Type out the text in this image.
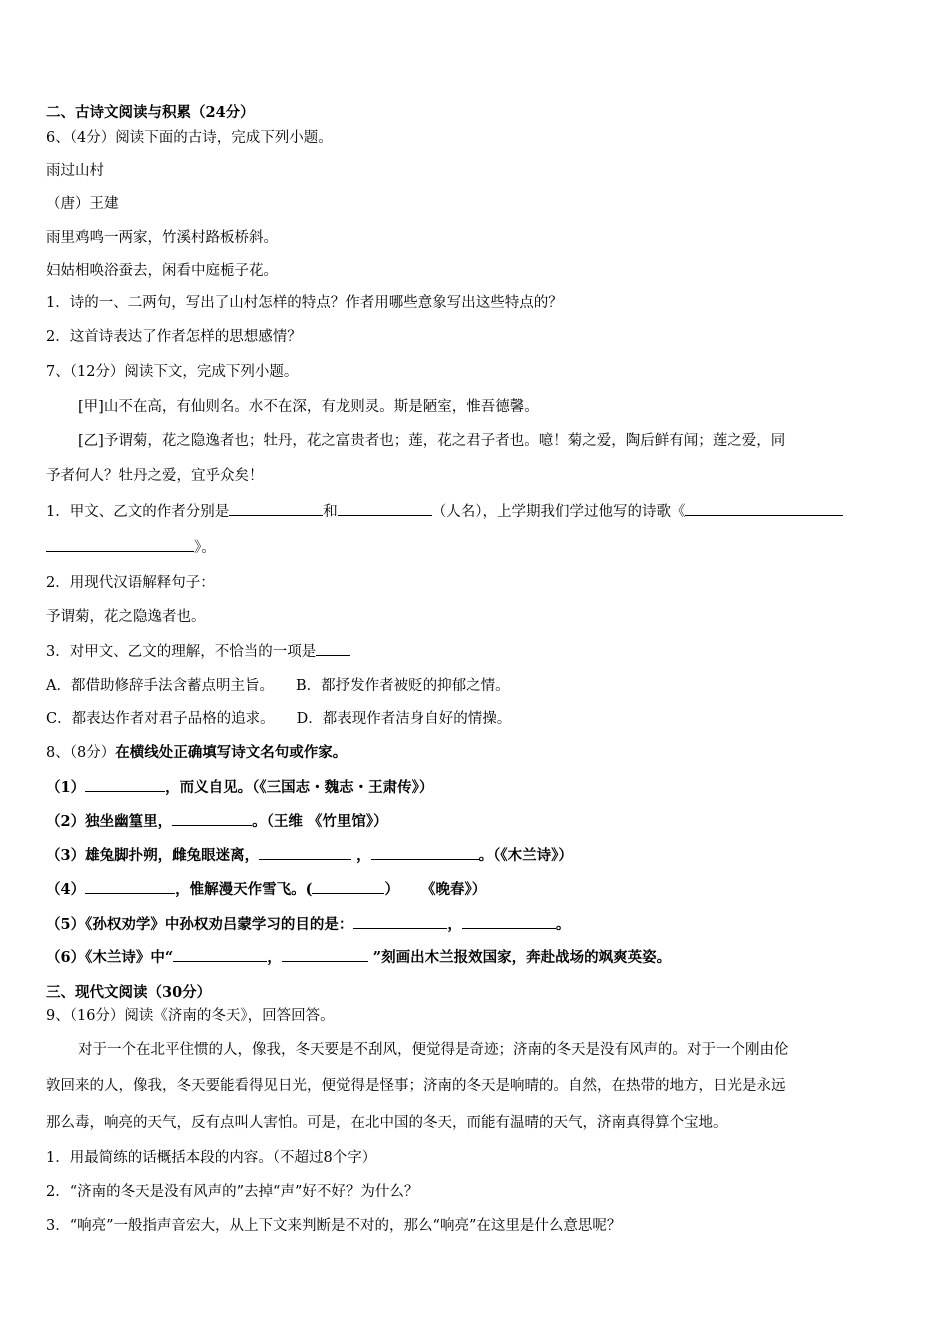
二、古诗文阅读与积累（24分）
6、（4分）阅读下面的古诗，完成下列小题。
雨过山村
（唐）王建
雨里鸡鸣一两家，竹溪村路板桥斜。
妇姑相唤浴蚕去，闲看中庭栀子花。
1．诗的一、二两句，写出了山村怎样的特点？作者用哪些意象写出这些特点的？
2．这首诗表达了作者怎样的思想感情？
7、（12分）阅读下文，完成下列小题。
[甲]山不在高，有仙则名。水不在深，有龙则灵。斯是陋室，惟吾德馨。
[乙]予谓菊，花之隐逸者也；牡丹，花之富贵者也；莲，花之君子者也。噫！菊之爱，陶后鲜有闻；莲之爱，同
予者何人？牡丹之爱，宜乎众矣！
1．甲文、乙文的作者分别是	和	（人名），上学期我们学过他写的诗歌《
》。
2．用现代汉语解释句子：
予谓菊，花之隐逸者也。
3．对甲文、乙文的理解，不恰当的一项是
A．都借助修辞手法含蓄点明主旨。 B．都抒发作者被贬的抑郁之情。
C．都表达作者对君子品格的追求。 D．都表现作者洁身自好的情操。
8、（8分）在横线处正确填写诗文名句或作家。
（1）	，而义自见。（《三国志・魏志・王肃传》）
（2）独坐幽篁里，	。（王维 《竹里馆》）
（3）雄兔脚扑朔，雌兔眼迷离，	，	。（《木兰诗》）
（4）	，惟解漫天作雪飞。(	） 《晚春》）
（5）《孙权劝学》中孙权劝吕蒙学习的目的是：	，	。
（6）《木兰诗》中“	，	”刻画出木兰报效国家，奔赴战场的飒爽英姿。
三、现代文阅读（30分）
9、（16分）阅读《济南的冬天》，回答回答。
对于一个在北平住惯的人，像我，冬天要是不刮风，便觉得是奇迹；济南的冬天是没有风声的。对于一个刚由伦
敦回来的人，像我，冬天要能看得见日光，便觉得是怪事；济南的冬天是响晴的。自然，在热带的地方，日光是永远
那么毒，响亮的天气，反有点叫人害怕。可是，在北中国的冬天，而能有温晴的天气，济南真得算个宝地。
1．用最简练的话概括本段的内容。（不超过8个字）
2．“济南的冬天是没有风声的”去掉“声”好不好？为什么？
3．“响亮”一般指声音宏大，从上下文来判断是不对的，那么“响亮”在这里是什么意思呢？
